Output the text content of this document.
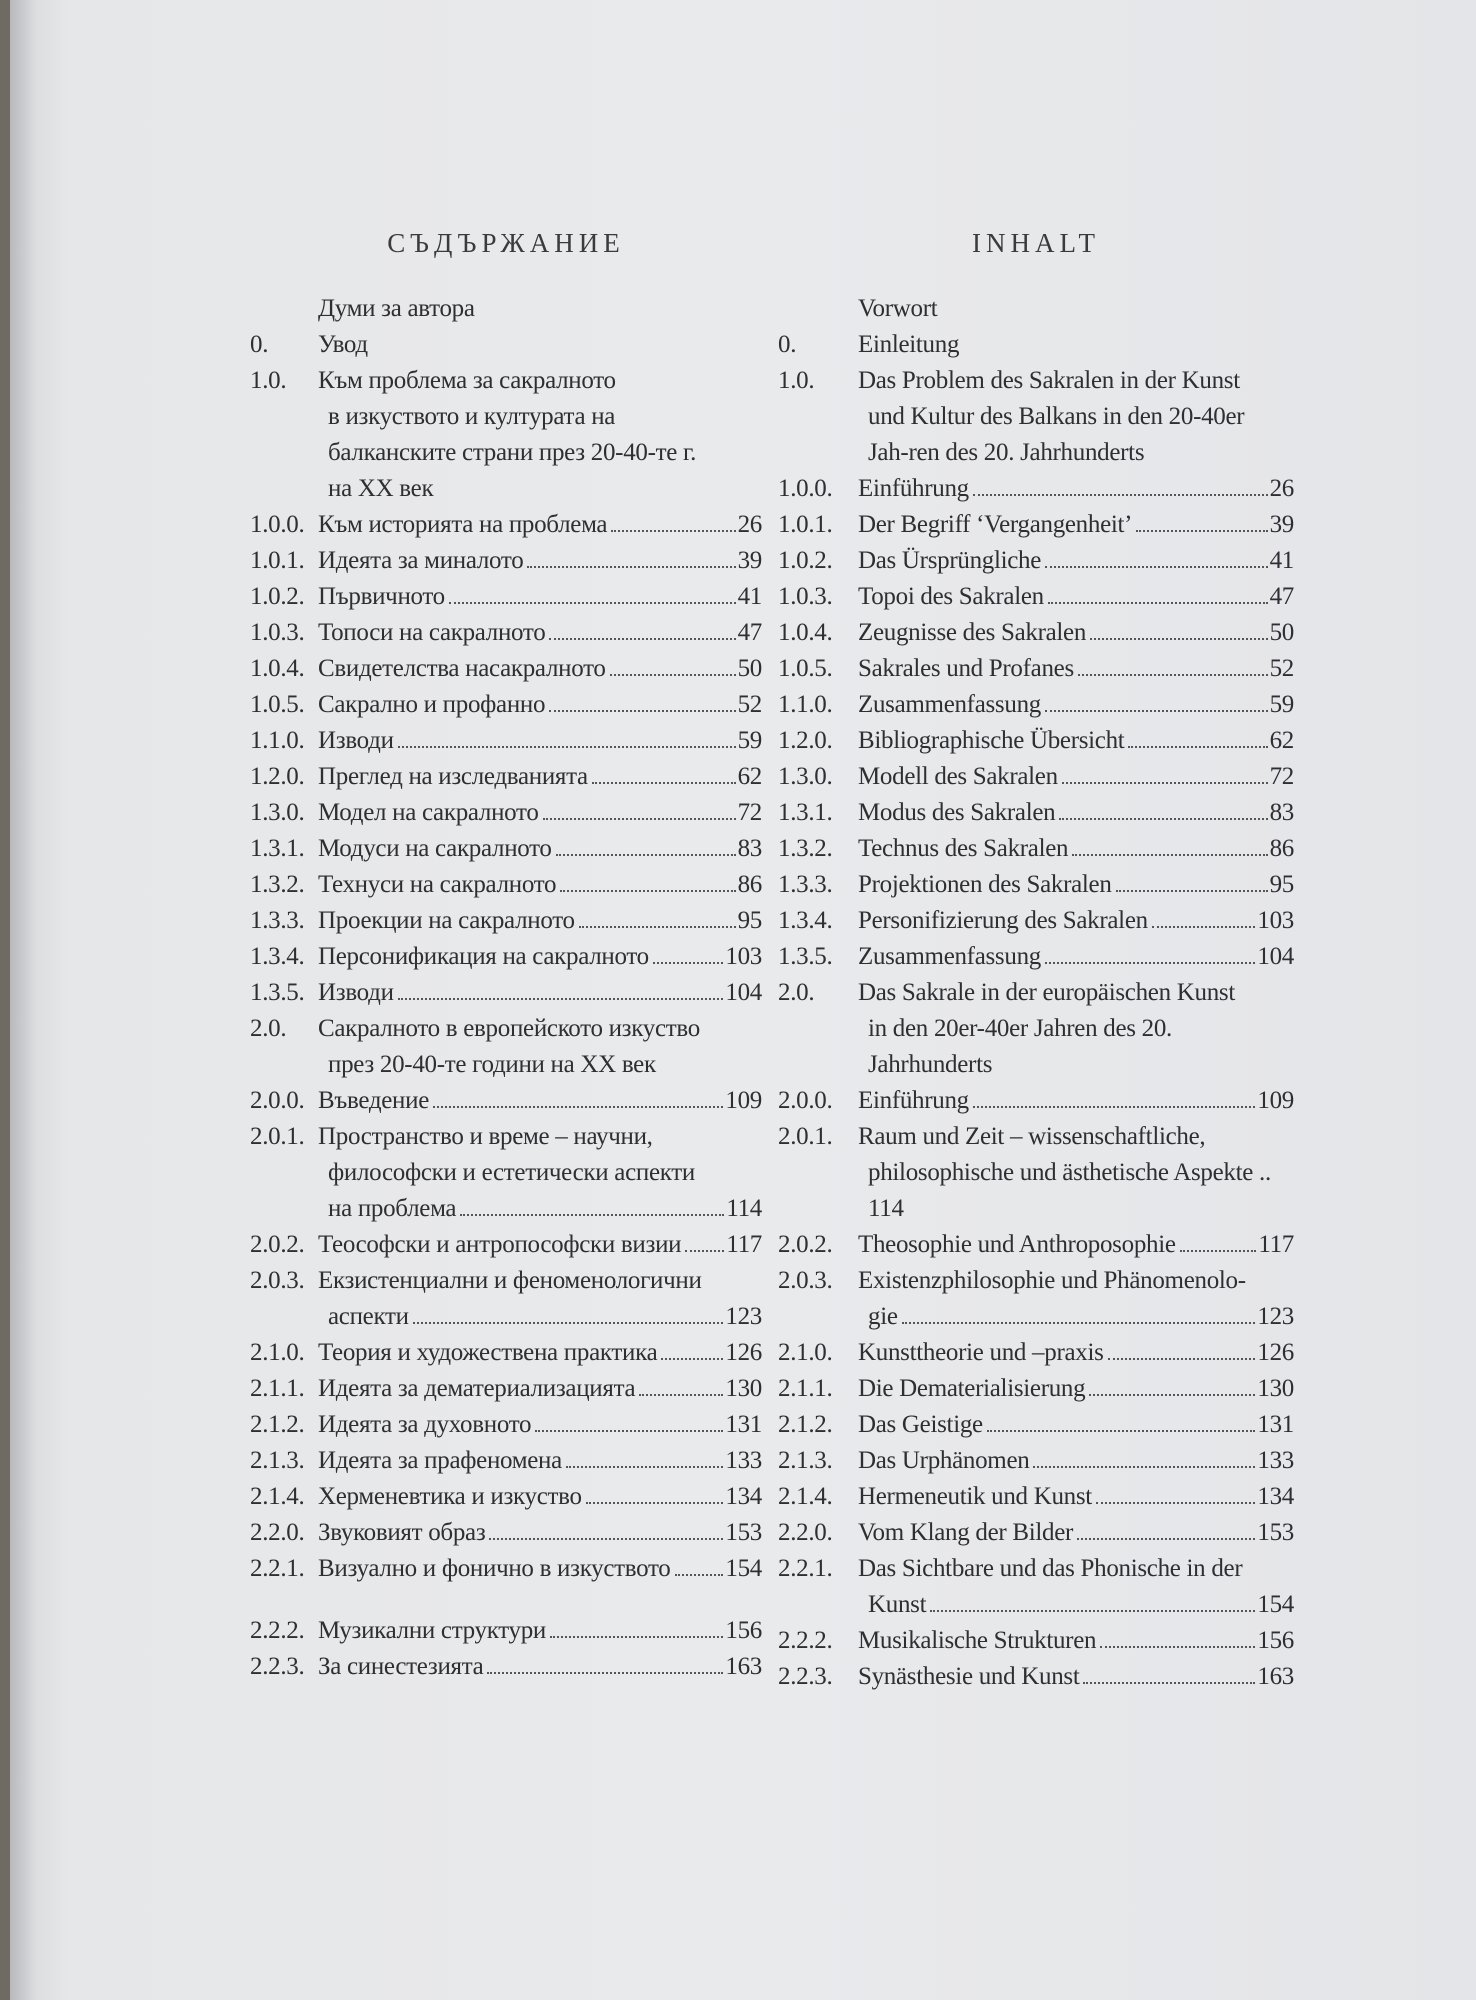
СЪДЪРЖАНИЕ
Думи за автора
0.	Увод
1.0.	Към проблема за сакралното
в изкуството и културата на
балканските страни през 20-40-те г.
на XX век
1.0.0. Към историята на проблема	26
1.0.1. Идеята за миналото	39
1.0.2. Първичното	41
1.0.3. Топоси на сакралното	47
1.0.4. Свидетелства насакралното	50
1.0.5. Сакрално и профанно	52
1.1.0. Изводи	59
1.2.0. Преглед на изследванията	62
1.3.0. Модел на сакралното	72
1.3.1. Модуси на сакралното	83
1.3.2. Технуси на сакралното	86
1.3.3. Проекции на сакралното	95
1.3.4. Персонификация на сакралното	103
1.3.5. Изводи	104
2.0.	Сакралното в европейското изкуство
през 20-40-те години на XX век
2.0.0. Въведение	109
2.0.1. Пространство и време – научни,
философски и естетически аспекти
на проблема	114
2.0.2. Теософски и антропософски визии 117
2.0.3. Екзистенциални и феноменологични
аспекти	123
2.1.0. Теория и художествена практика	126
2.1.1. Идеята за дематериализацията	130
2.1.2. Идеята за духовното	131
2.1.3. Идеята за прафеномена	133
2.1.4. Херменевтика и изкуство	134
2.2.0. Звуковият образ	153
2.2.1. Визуално и фонично в изкуството 154
2.2.2. Музикални структури	156
2.2.3. За синестезията	163
INHALT
Vorwort
0.	Einleitung
1.0.	Das Problem des Sakralen in der Kunst
und Kultur des Balkans in den 20-40er
Jah-ren des 20. Jahrhunderts
1.0.0.	Einführung	26
1.0.1.	Der Begriff ‘Vergangenheit’	39
1.0.2.	Das Ürsprüngliche	41
1.0.3.	Topoi des Sakralen	47
1.0.4.	Zeugnisse des Sakralen	50
1.0.5.	Sakrales und Profanes	52
1.1.0.	Zusammenfassung	59
1.2.0.	Bibliographische Übersicht	62
1.3.0.	Modell des Sakralen	72
1.3.1.	Modus des Sakralen	83
1.3.2.	Technus des Sakralen	86
1.3.3.	Projektionen des Sakralen	95
1.3.4.	Personifizierung des Sakralen	103
1.3.5.	Zusammenfassung	104
2.0.	Das Sakrale in der europäischen Kunst
in den 20er-40er Jahren des 20.
Jahrhunderts
2.0.0.	Einführung	109
2.0.1.	Raum und Zeit – wissenschaftliche,
philosophische und ästhetische Aspekte ..
114
2.0.2.	Theosophie und Anthroposophie	117
2.0.3.	Existenzphilosophie und Phänomenolo-
gie	123
2.1.0.	Kunsttheorie und –praxis	126
2.1.1.	Die Dematerialisierung	130
2.1.2.	Das Geistige	131
2.1.3.	Das Urphänomen	133
2.1.4.	Hermeneutik und Kunst	134
2.2.0.	Vom Klang der Bilder	153
2.2.1.	Das Sichtbare und das Phonische in der
Kunst	154
2.2.2.	Musikalische Strukturen	156
2.2.3.	Synästhesie und Kunst	163
